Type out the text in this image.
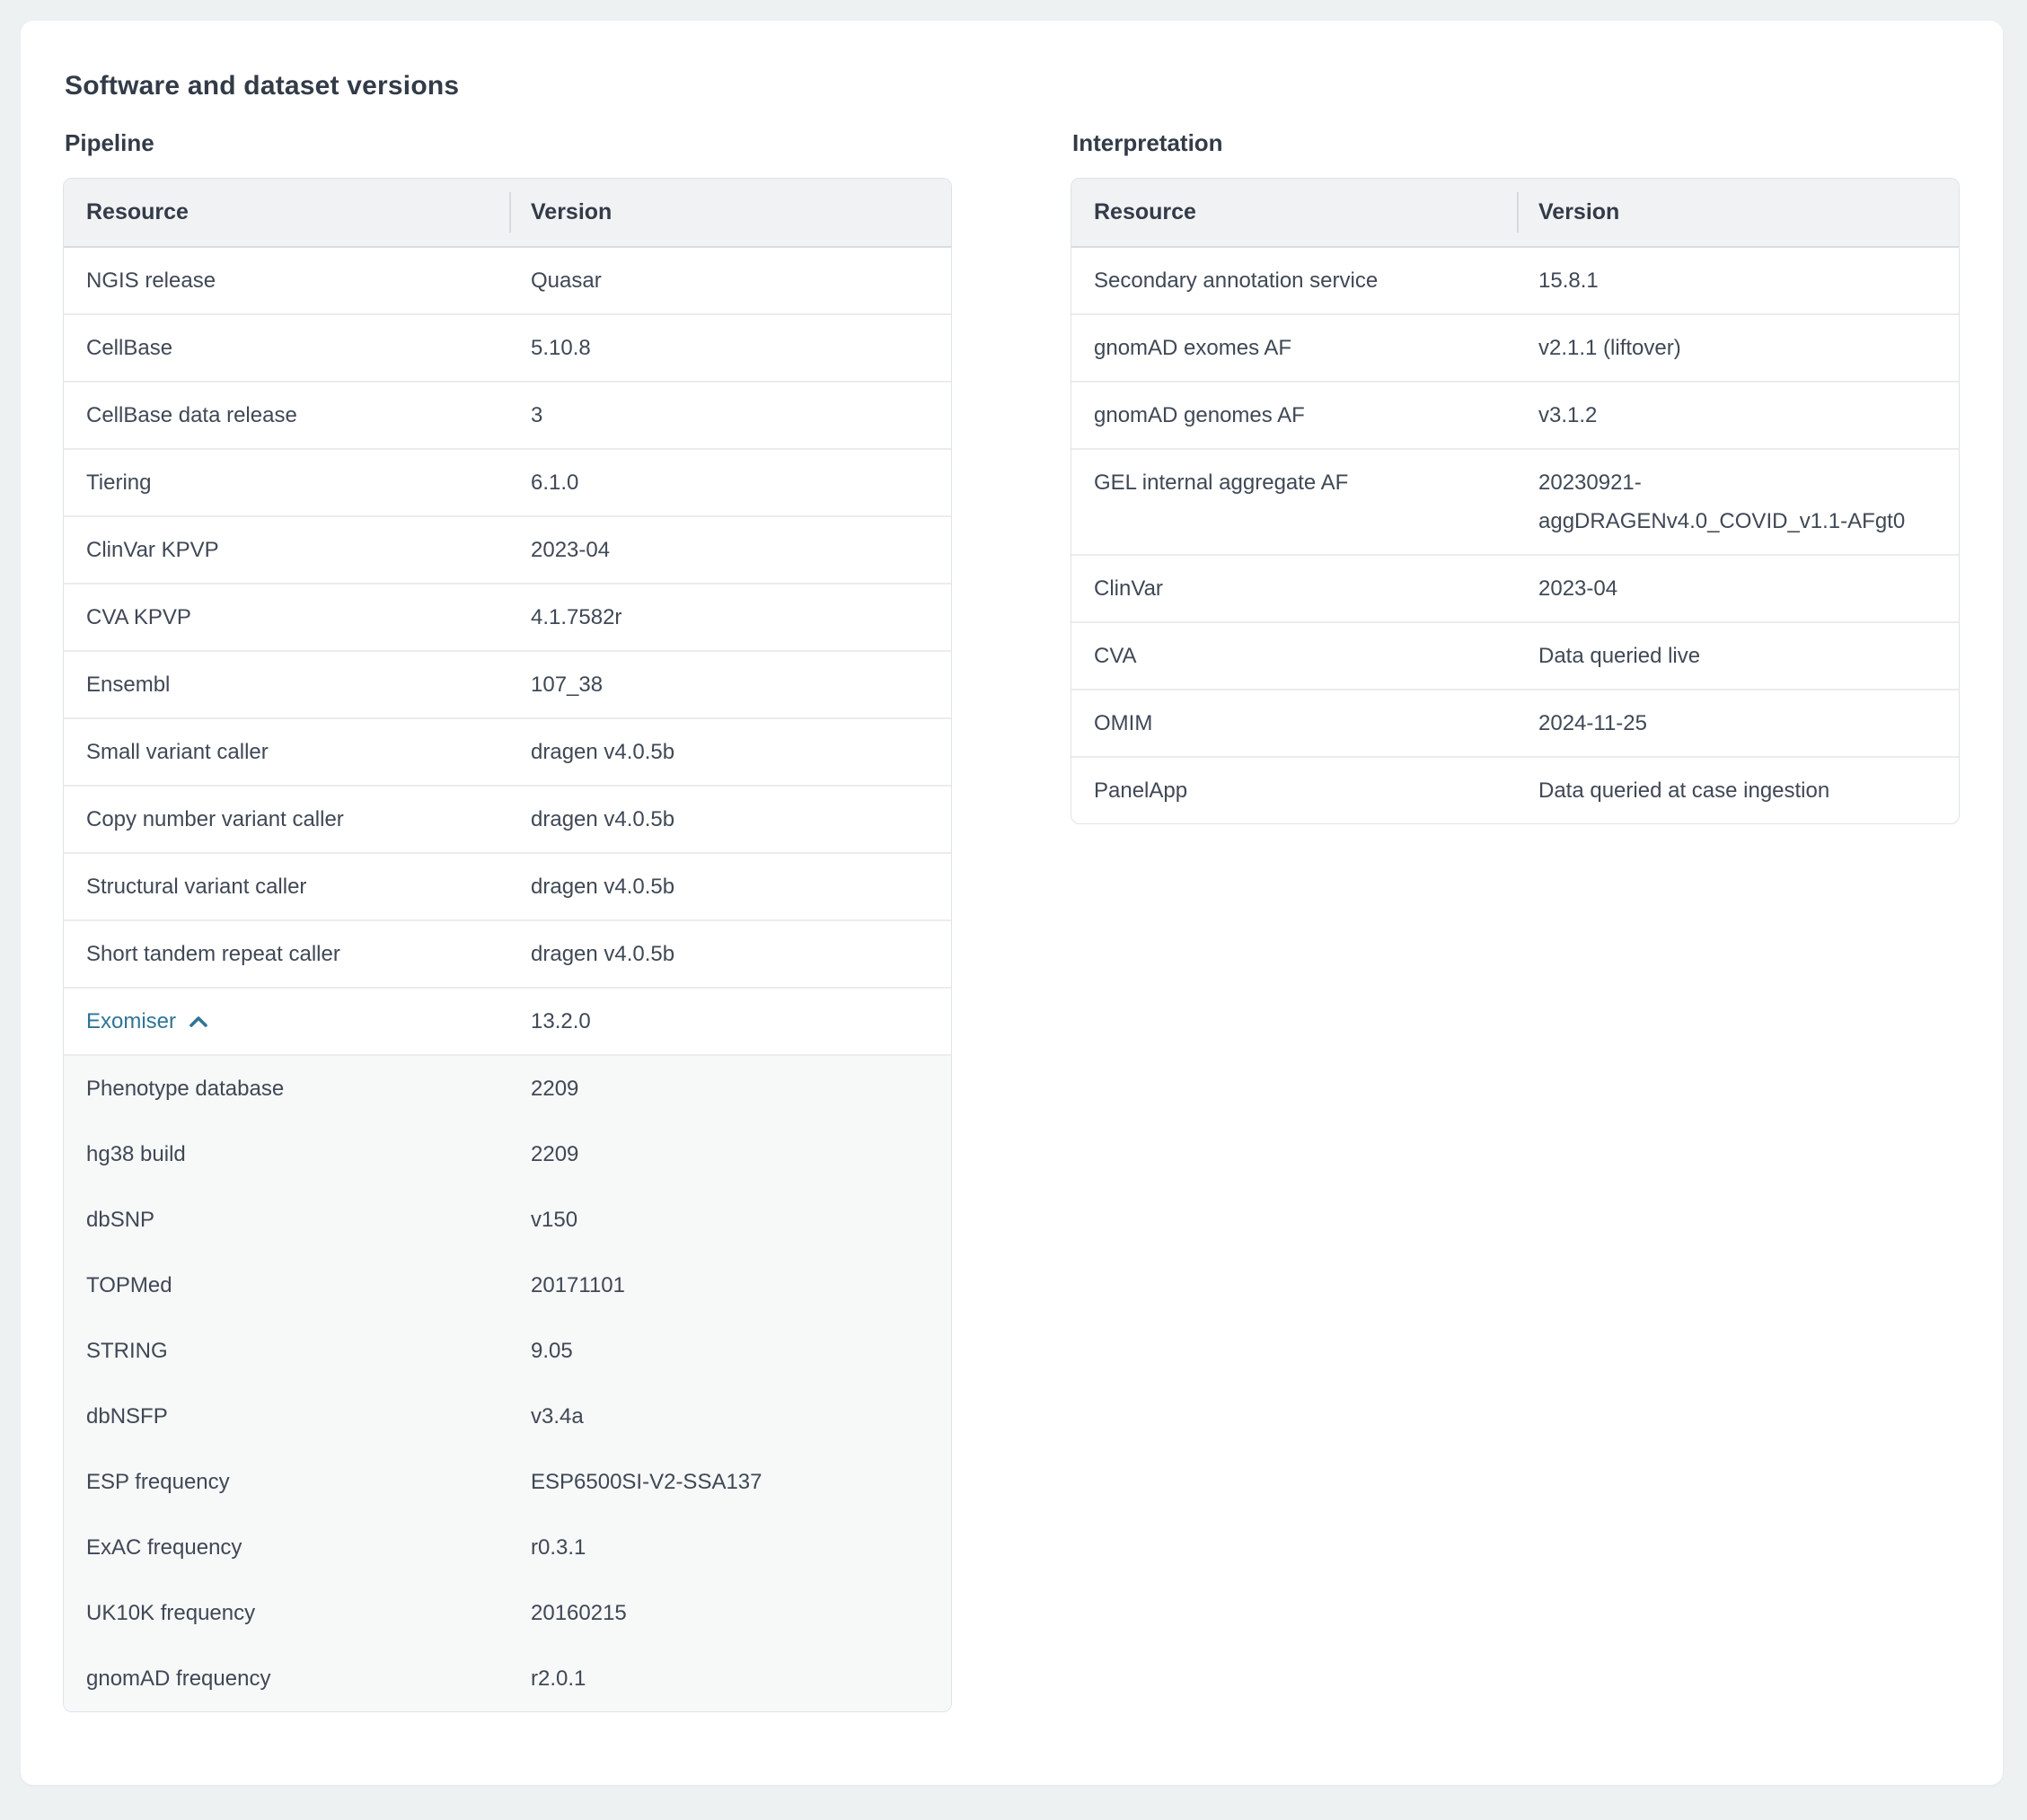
Software and dataset versions
Pipeline
Resource	Version
NGIS release	Quasar
CellBase	5.10.8
CellBase data release	3
Tiering	6.1.0
ClinVar KPVP	2023-04
CVA KPVP	4.1.7582r
Ensembl	107_38
Small variant caller	dragen v4.0.5b
Copy number variant caller	dragen v4.0.5b
Structural variant caller	dragen v4.0.5b
Short tandem repeat caller	dragen v4.0.5b
Exomiser	13.2.0
Phenotype database	2209
hg38 build	2209
dbSNP	v150
TOPMed	20171101
STRING	9.05
dbNSFP	v3.4a
ESP frequency	ESP6500SI-V2-SSA137
ExAC frequency	r0.3.1
UK10K frequency	20160215
gnomAD frequency	r2.0.1
Interpretation
Resource	Version
Secondary annotation service	15.8.1
gnomAD exomes AF	v2.1.1 (liftover)
gnomAD genomes AF	v3.1.2
GEL internal aggregate AF	20230921-aggDRAGENv4.0_COVID_v1.1-AFgt0
ClinVar	2023-04
CVA	Data queried live
OMIM	2024-11-25
PanelApp	Data queried at case ingestion
